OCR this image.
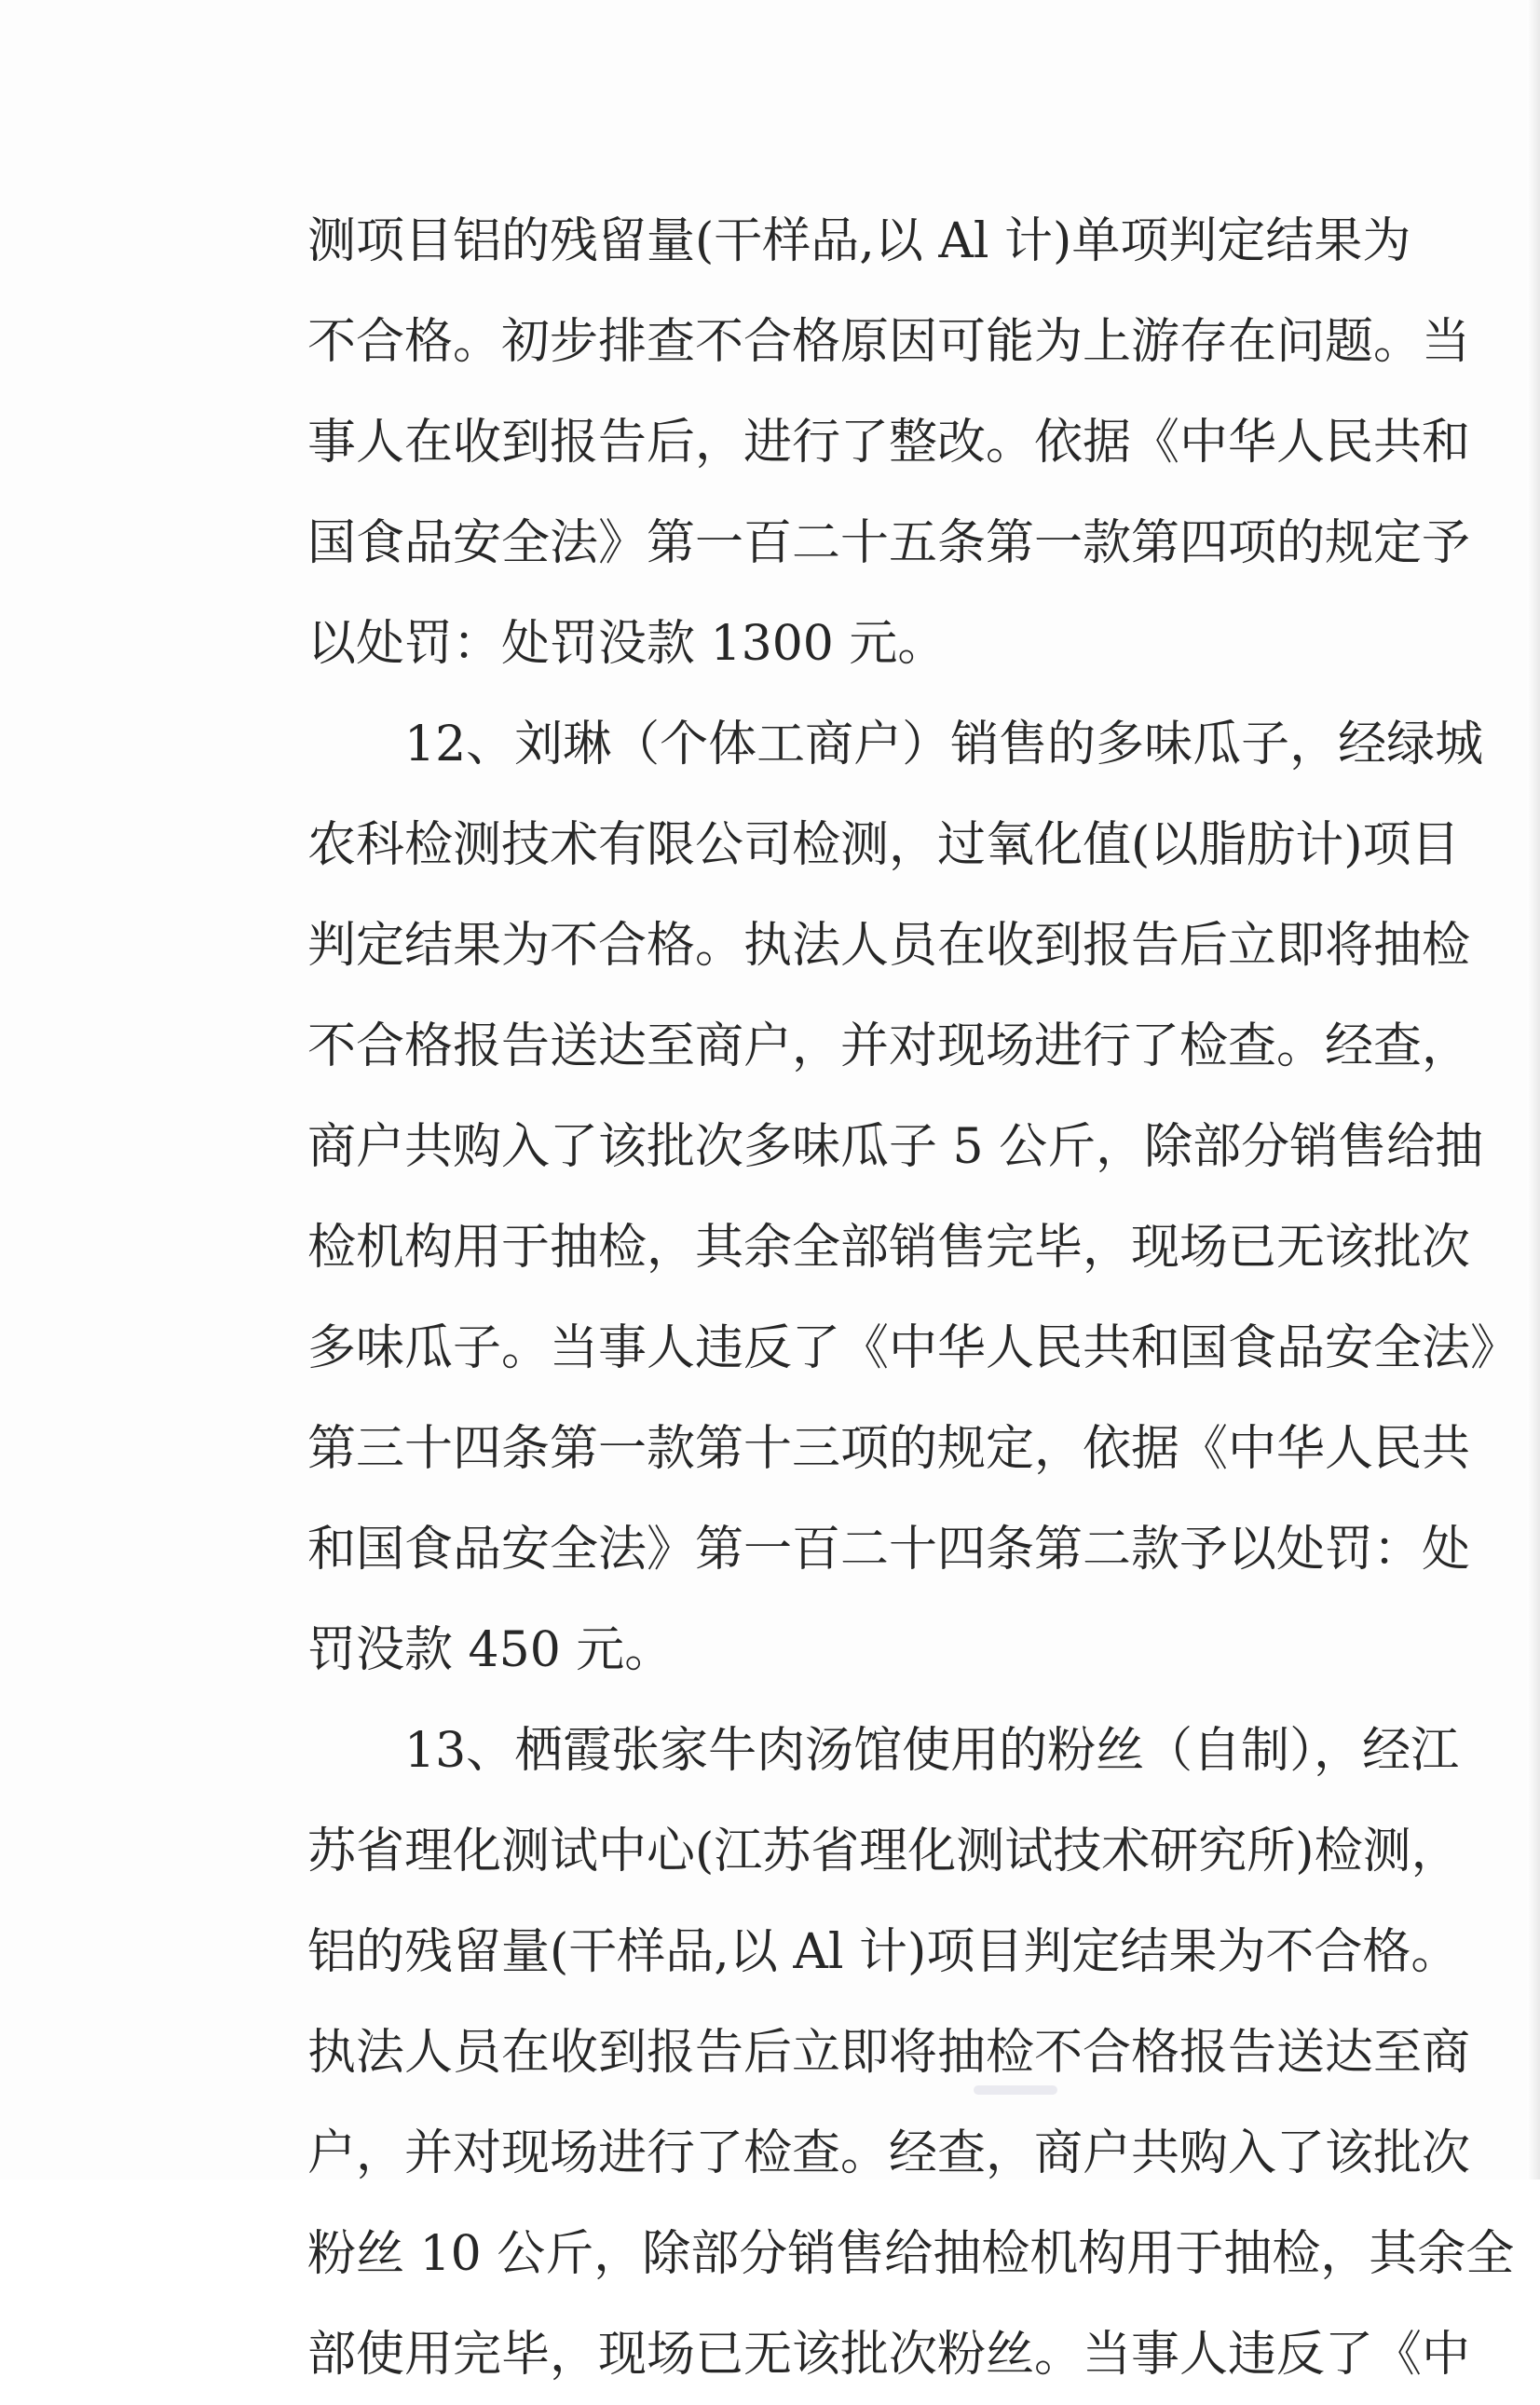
测项目铝的残留量(干样品,以 Al 计)单项判定结果为
不合格。初步排查不合格原因可能为上游存在问题。当
事人在收到报告后，进行了整改。依据《中华人民共和
国食品安全法》第一百二十五条第一款第四项的规定予
以处罚：处罚没款 1300 元。
12、刘琳（个体工商户）销售的多味瓜子，经绿城
农科检测技术有限公司检测，过氧化值(以脂肪计)项目
判定结果为不合格。执法人员在收到报告后立即将抽检
不合格报告送达至商户，并对现场进行了检查。经查，
商户共购入了该批次多味瓜子 5 公斤，除部分销售给抽
检机构用于抽检，其余全部销售完毕，现场已无该批次
多味瓜子。当事人违反了《中华人民共和国食品安全法》
第三十四条第一款第十三项的规定，依据《中华人民共
和国食品安全法》第一百二十四条第二款予以处罚：处
罚没款 450 元。
13、栖霞张家牛肉汤馆使用的粉丝（自制），经江
苏省理化测试中心(江苏省理化测试技术研究所)检测，
铝的残留量(干样品,以 Al 计)项目判定结果为不合格。
执法人员在收到报告后立即将抽检不合格报告送达至商
户，并对现场进行了检查。经查，商户共购入了该批次
粉丝 10 公斤，除部分销售给抽检机构用于抽检，其余全
部使用完毕，现场已无该批次粉丝。当事人违反了《中
